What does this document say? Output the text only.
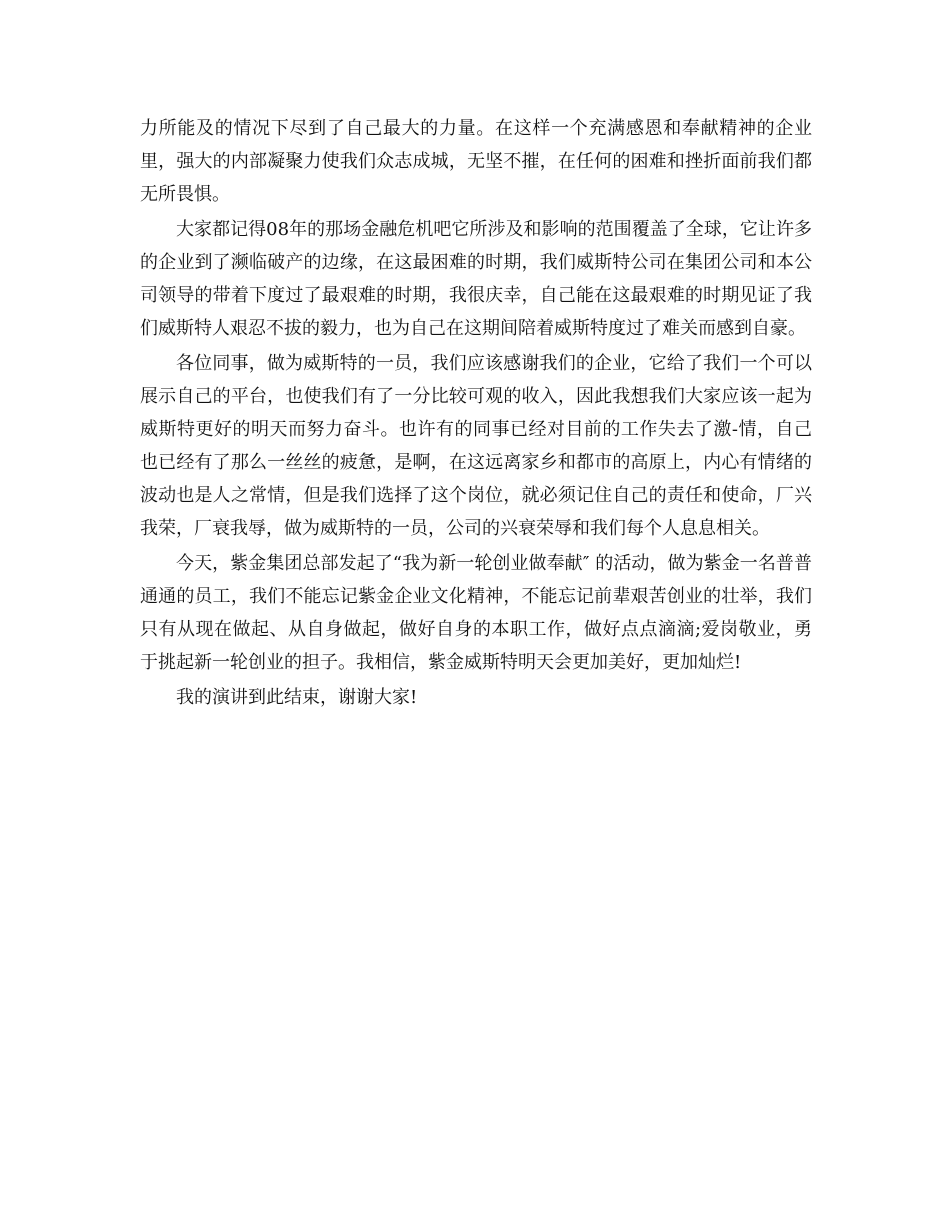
力所能及的情况下尽到了自己最大的力量。在这样一个充满感恩和奉献精神的企业里，强大的内部凝聚力使我们众志成城，无坚不摧，在任何的困难和挫折面前我们都无所畏惧。

大家都记得08年的那场金融危机吧它所涉及和影响的范围覆盖了全球，它让许多的企业到了濒临破产的边缘，在这最困难的时期，我们威斯特公司在集团公司和本公司领导的带着下度过了最艰难的时期，我很庆幸，自己能在这最艰难的时期见证了我们威斯特人艰忍不拔的毅力，也为自己在这期间陪着威斯特度过了难关而感到自豪。

各位同事，做为威斯特的一员，我们应该感谢我们的企业，它给了我们一个可以展示自己的平台，也使我们有了一分比较可观的收入，因此我想我们大家应该一起为威斯特更好的明天而努力奋斗。也许有的同事已经对目前的工作失去了激-情，自己也已经有了那么一丝丝的疲惫，是啊，在这远离家乡和都市的高原上，内心有情绪的波动也是人之常情，但是我们选择了这个岗位，就必须记住自己的责任和使命，厂兴我荣，厂衰我辱，做为威斯特的一员，公司的兴衰荣辱和我们每个人息息相关。

今天，紫金集团总部发起了“我为新一轮创业做奉献″ 的活动，做为紫金一名普普通通的员工，我们不能忘记紫金企业文化精神，不能忘记前辈艰苦创业的壮举，我们只有从现在做起、从自身做起，做好自身的本职工作，做好点点滴滴;爱岗敬业，勇于挑起新一轮创业的担子。我相信，紫金威斯特明天会更加美好，更加灿烂!

我的演讲到此结束，谢谢大家!
